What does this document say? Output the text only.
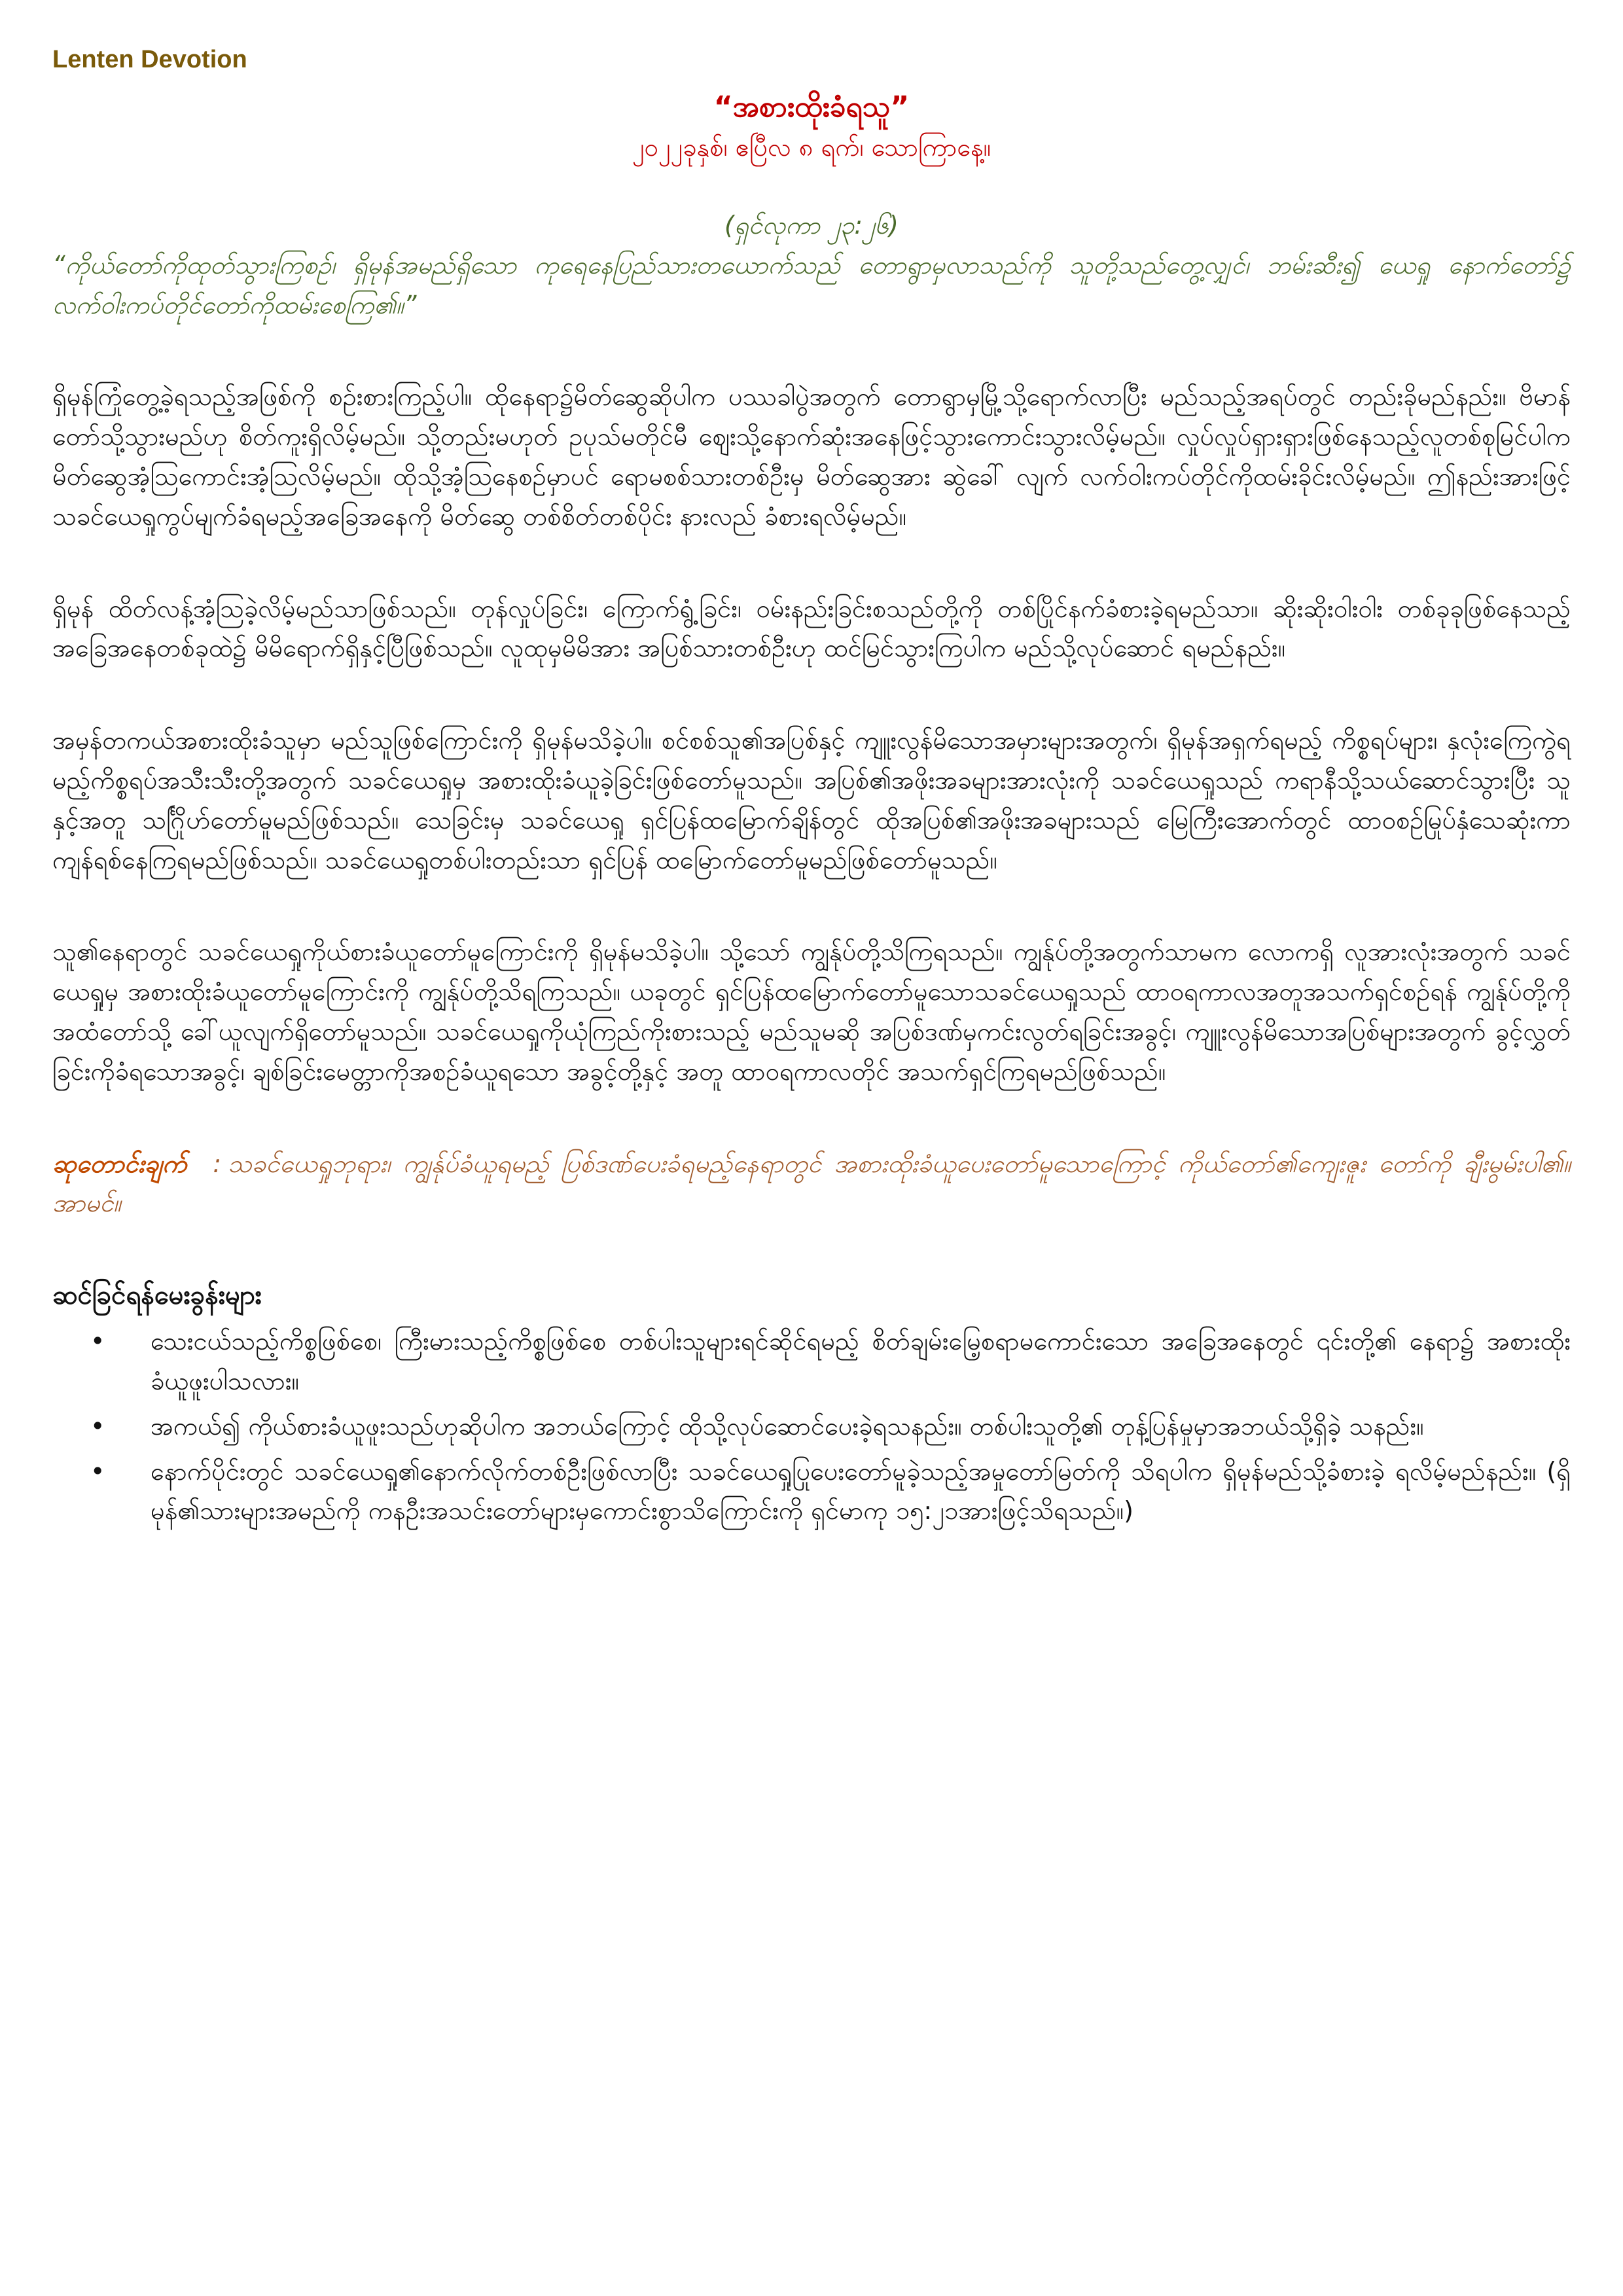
Lenten Devotion
“အစားထိုးခံရသူ”
၂၀၂၂ခုနှစ်၊ ဧပြီလ ၈ ရက်၊ သောကြာနေ့။
(ရှင်လုကာ ၂၃:၂၆)

“ကိုယ်တော်ကိုထုတ်သွားကြစဉ်၊ ရှိမုန်အမည်ရှိသော ကုရေနေပြည်သားတယောက်သည် တောရွာမှလာသည်ကို သူတို့သည်တွေ့လျှင်၊ ဘမ်းဆီး၍ ယေရှု နောက်တော်၌ လက်ဝါးကပ်တိုင်တော်ကိုထမ်းစေကြ၏။”

ရှိမုန်ကြုံတွေ့ခဲ့ရသည့်အဖြစ်ကို စဉ်းစားကြည့်ပါ။ ထိုနေရာ၌မိတ်ဆွေဆိုပါက ပဿခါပွဲအတွက် တောရွာမှမြို့သို့ရောက်လာပြီး မည်သည့်အရပ်တွင် တည်းခိုမည်နည်း။ ဗိမာန်တော်သို့သွားမည်ဟု စိတ်ကူးရှိလိမ့်မည်။ သို့တည်းမဟုတ် ဥပုသ်မတိုင်မီ ဈေးသို့နောက်ဆုံးအနေဖြင့်သွားကောင်းသွားလိမ့်မည်။ လှုပ်လှုပ်ရှားရှားဖြစ်နေသည့်လူတစ်စုမြင်ပါက မိတ်ဆွေအံ့သြကောင်းအံ့သြလိမ့်မည်။ ထိုသို့အံ့သြနေစဉ်မှာပင် ရောမစစ်သားတစ်ဦးမှ မိတ်ဆွေအား ဆွဲခေါ် လျက် လက်ဝါးကပ်တိုင်ကိုထမ်းခိုင်းလိမ့်မည်။ ဤနည်းအားဖြင့် သခင်ယေရှုကွပ်မျက်ခံရမည့်အခြေအနေကို မိတ်ဆွေ တစ်စိတ်တစ်ပိုင်း နားလည် ခံစားရလိမ့်မည်။

ရှိမုန် ထိတ်လန့်အံ့သြခဲ့လိမ့်မည်သာဖြစ်သည်။ တုန်လှုပ်ခြင်း၊ ကြောက်ရွံ့ခြင်း၊ ဝမ်းနည်းခြင်းစသည်တို့ကို တစ်ပြိုင်နက်ခံစားခဲ့ရမည်သာ။ ဆိုးဆိုးဝါးဝါး တစ်ခုခုဖြစ်နေသည့်အခြေအနေတစ်ခုထဲ၌ မိမိရောက်ရှိနှင့်ပြီဖြစ်သည်။ လူထုမှမိမိအား အပြစ်သားတစ်ဦးဟု ထင်မြင်သွားကြပါက မည်သို့လုပ်ဆောင် ရမည်နည်း။

အမှန်တကယ်အစားထိုးခံသူမှာ မည်သူဖြစ်ကြောင်းကို ရှိမုန်မသိခဲ့ပါ။ စင်စစ်သူ၏အပြစ်နှင့် ကျူးလွန်မိသောအမှားများအတွက်၊ ရှိမုန်အရှက်ရမည့် ကိစ္စရပ်များ၊ နှလုံးကြေကွဲရမည့်ကိစ္စရပ်အသီးသီးတို့အတွက် သခင်ယေရှုမှ အစားထိုးခံယူခဲ့ခြင်းဖြစ်တော်မူသည်။ အပြစ်၏အဖိုးအခများအားလုံးကို သခင်ယေရှုသည် ကရာနီသို့သယ်ဆောင်သွားပြီး သူနှင့်အတူ သင်္ဂြိုဟ်တော်မူမည်ဖြစ်သည်။ သေခြင်းမှ သခင်ယေရှု ရှင်ပြန်ထမြောက်ချိန်တွင် ထိုအပြစ်၏အဖိုးအခများသည် မြေကြီးအောက်တွင် ထာဝစဉ်မြုပ်နှံသေဆုံးကာကျန်ရစ်နေကြရမည်ဖြစ်သည်။ သခင်ယေရှုတစ်ပါးတည်းသာ ရှင်ပြန် ထမြောက်တော်မူမည်ဖြစ်တော်မူသည်။

သူ၏နေရာတွင် သခင်ယေရှုကိုယ်စားခံယူတော်မူကြောင်းကို ရှိမုန်မသိခဲ့ပါ။ သို့သော် ကျွန်ုပ်တို့သိကြရသည်။ ကျွန်ုပ်တို့အတွက်သာမက လောကရှိ လူအားလုံးအတွက် သခင်ယေရှုမှ အစားထိုးခံယူတော်မူကြောင်းကို ကျွန်ုပ်တို့သိရကြသည်။ ယခုတွင် ရှင်ပြန်ထမြောက်တော်မူသောသခင်ယေရှုသည် ထာဝရကာလအတူအသက်ရှင်စဉ်ရန် ကျွန်ုပ်တို့ကိုအထံတော်သို့ ခေါ်ယူလျက်ရှိတော်မူသည်။ သခင်ယေရှုကိုယုံကြည်ကိုးစားသည့် မည်သူမဆို အပြစ်ဒဏ်မှကင်းလွတ်ရခြင်းအခွင့်၊ ကျူးလွန်မိသောအပြစ်များအတွက် ခွင့်လွှတ်ခြင်းကိုခံရသောအခွင့်၊ ချစ်ခြင်းမေတ္တာကိုအစဉ်ခံယူရသော အခွင့်တို့နှင့် အတူ ထာဝရကာလတိုင် အသက်ရှင်ကြရမည်ဖြစ်သည်။

ဆုတောင်းချက် : သခင်ယေရှုဘုရား၊ ကျွန်ုပ်ခံယူရမည့် ပြစ်ဒဏ်ပေးခံရမည့်နေရာတွင် အစားထိုးခံယူပေးတော်မူသောကြောင့် ကိုယ်တော်၏ကျေးဇူး တော်ကို ချီးမွမ်းပါ၏။ အာမင်။

ဆင်ခြင်ရန်မေးခွန်းများ
• သေးငယ်သည့်ကိစ္စဖြစ်စေ၊ ကြီးမားသည့်ကိစ္စဖြစ်စေ တစ်ပါးသူများရင်ဆိုင်ရမည့် စိတ်ချမ်းမြေ့စရာမကောင်းသော အခြေအနေတွင် ၎င်းတို့၏ နေရာ၌ အစားထိုးခံယူဖူးပါသလား။
• အကယ်၍ ကိုယ်စားခံယူဖူးသည်ဟုဆိုပါက အဘယ်ကြောင့် ထိုသို့လုပ်ဆောင်ပေးခဲ့ရသနည်း။ တစ်ပါးသူတို့၏ တုန့်ပြန်မှုမှာအဘယ်သို့ရှိခဲ့ သနည်း။
• နောက်ပိုင်းတွင် သခင်ယေရှု၏နောက်လိုက်တစ်ဦးဖြစ်လာပြီး သခင်ယေရှုပြုပေးတော်မူခဲ့သည့်အမှုတော်မြတ်ကို သိရပါက ရှိမုန်မည်သို့ခံစားခဲ့ ရလိမ့်မည်နည်း။ (ရှိမုန်၏သားများအမည်ကို ကနဦးအသင်းတော်များမှကောင်းစွာသိကြောင်းကို ရှင်မာကု ၁၅:၂၁အားဖြင့်သိရသည်။)
